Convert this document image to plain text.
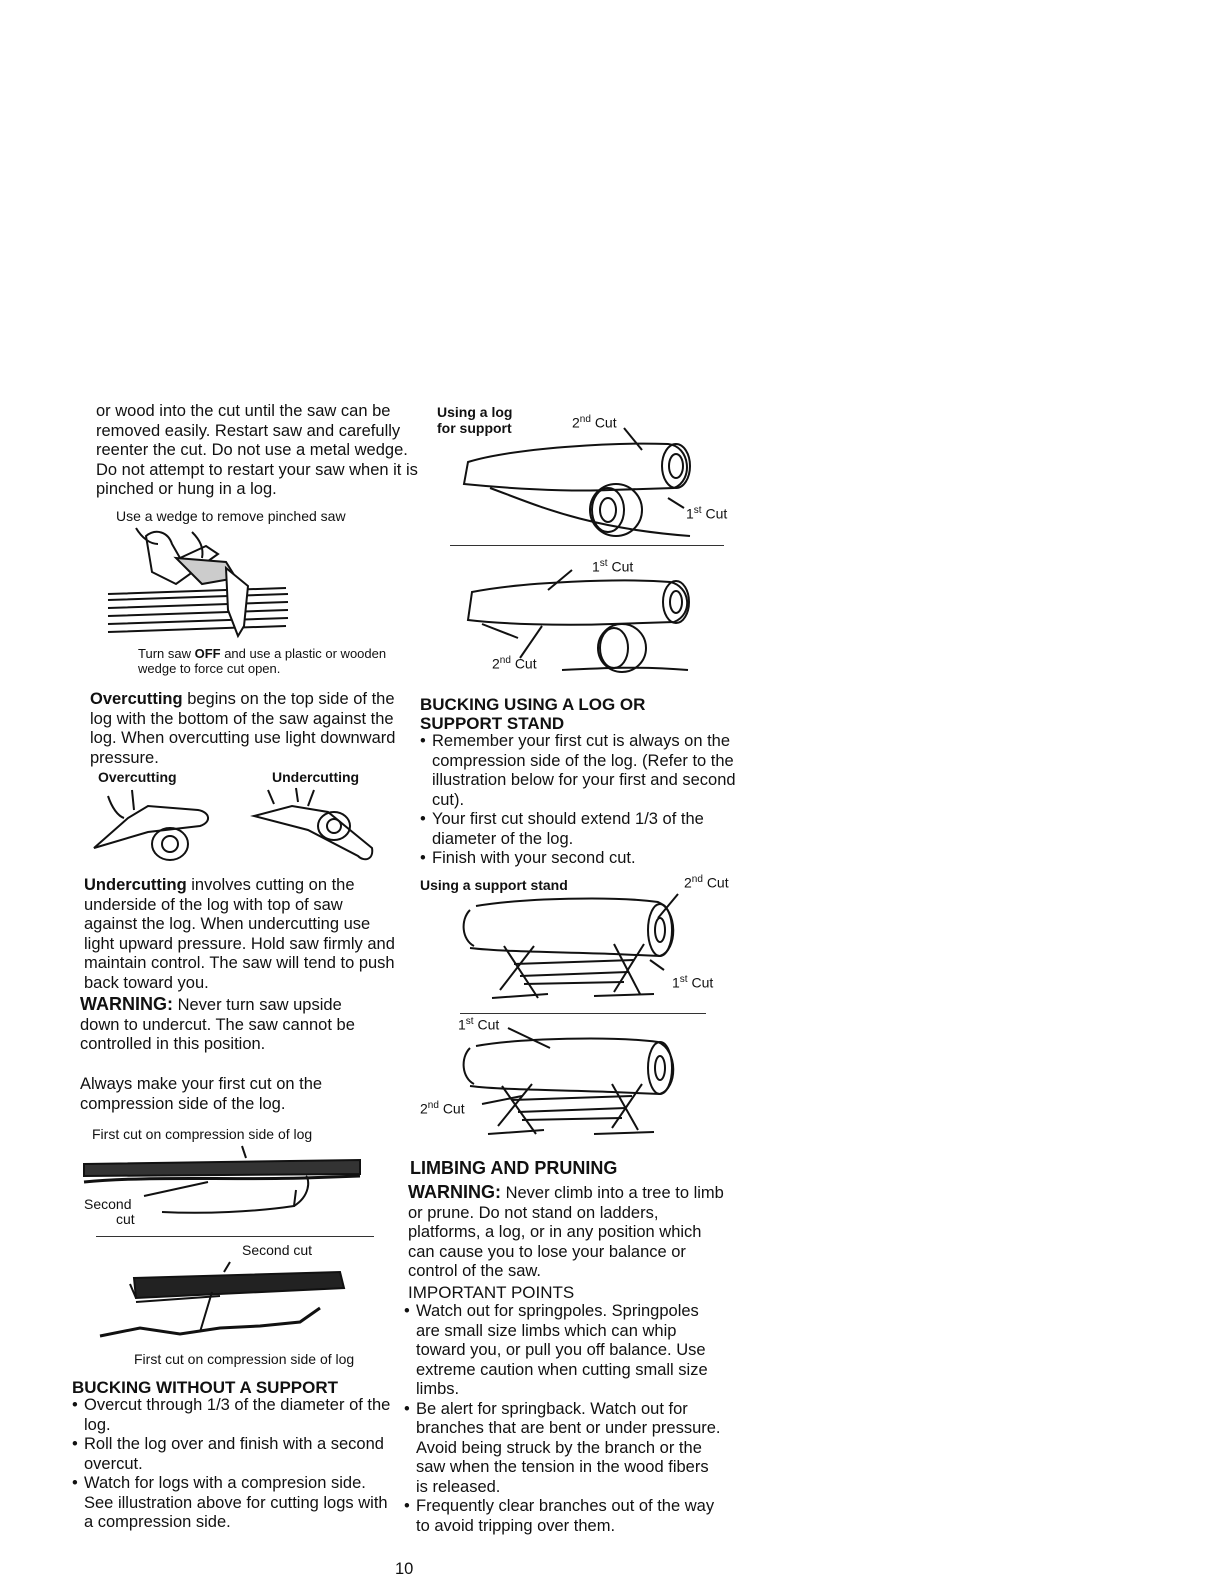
or wood into the cut until the saw can be removed easily. Restart saw and carefully reenter the cut. Do not use a metal wedge. Do not attempt to restart your saw when it is pinched or hung in a log.
Use a wedge to remove pinched saw
Turn saw OFF and use a plastic or wooden wedge to force cut open.
Overcutting begins on the top side of the log with the bottom of the saw against the log. When overcutting use light downward pressure.
Overcutting	Undercutting
Undercutting involves cutting on the underside of the log with top of saw against the log. When undercutting use light upward pressure. Hold saw firmly and maintain control. The saw will tend to push back toward you.
WARNING: Never turn saw upside down to undercut. The saw cannot be controlled in this position.
Always make your first cut on the compression side of the log.
First cut on compression side of log
Second
cut
Second cut
First cut on compression side of log
BUCKING WITHOUT A SUPPORT
• Overcut through 1/3 of the diameter of the log.
• Roll the log over and finish with a second overcut.
• Watch for logs with a compresion side. See illustration above for cutting logs with a compression side.
Using a log
for support	2nd Cut
1st Cut
1st Cut
2nd Cut
BUCKING USING A LOG OR
SUPPORT STAND
• Remember your first cut is always on the compression side of the log. (Refer to the illustration below for your first and second cut).
• Your first cut should extend 1/3 of the diameter of the log.
• Finish with your second cut.
Using a support stand	2nd Cut
1st Cut
1st Cut
2nd Cut
LIMBING AND PRUNING
WARNING: Never climb into a tree to limb or prune. Do not stand on ladders, platforms, a log, or in any position which can cause you to lose your balance or control of the saw.
IMPORTANT POINTS
• Watch out for springpoles. Springpoles are small size limbs which can whip toward you, or pull you off balance. Use extreme caution when cutting small size limbs.
• Be alert for springback. Watch out for branches that are bent or under pressure. Avoid being struck by the branch or the saw when the tension in the wood fibers is released.
• Frequently clear branches out of the way to avoid tripping over them.
10
